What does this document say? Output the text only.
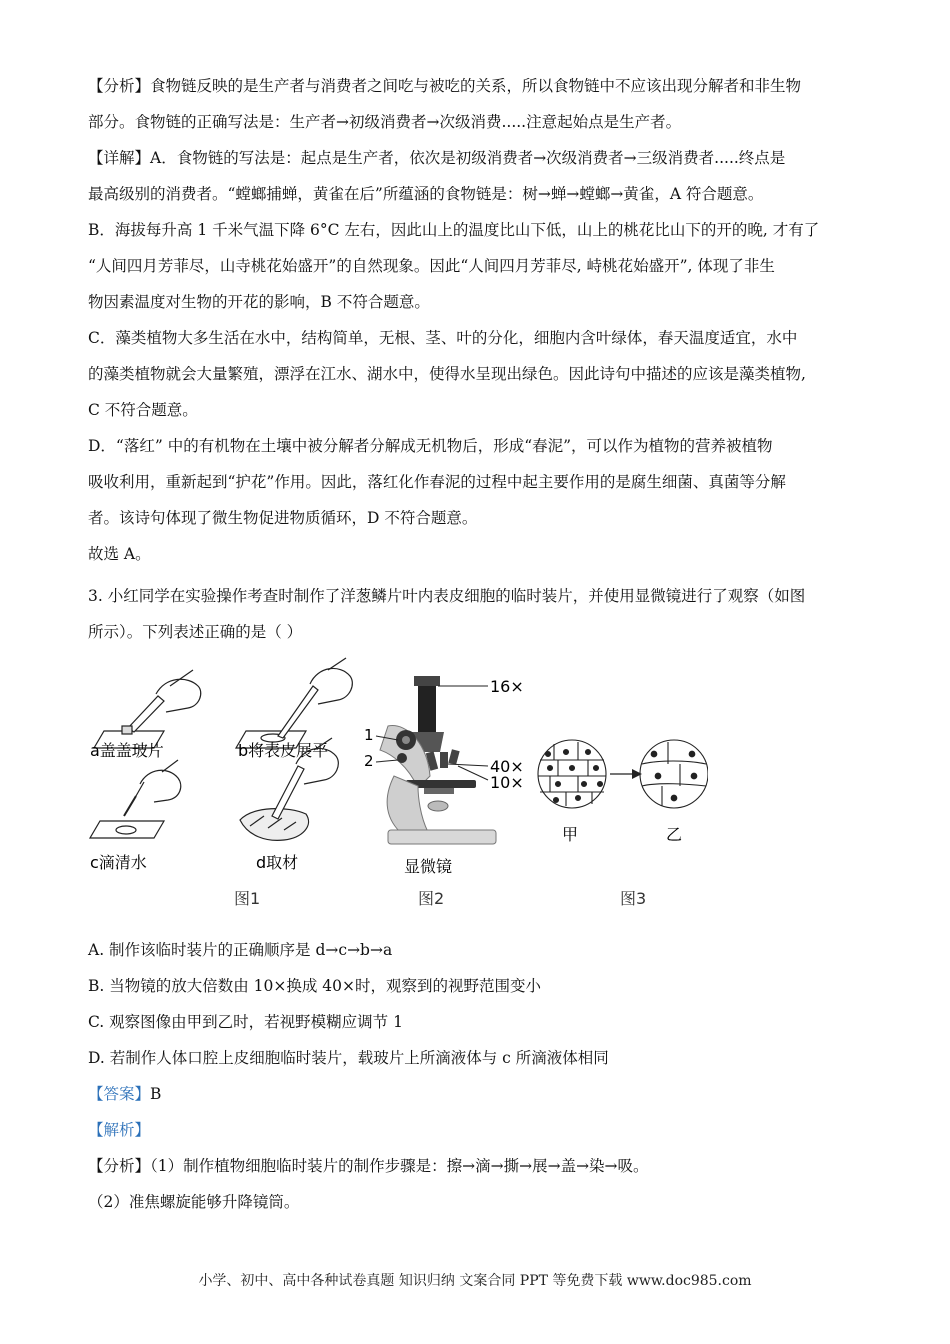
【分析】食物链反映的是生产者与消费者之间吃与被吃的关系，所以食物链中不应该出现分解者和非生物
部分。食物链的正确写法是：生产者→初级消费者→次级消费.....注意起始点是生产者。
【详解】A．食物链的写法是：起点是生产者，依次是初级消费者→次级消费者→三级消费者.....终点是
最高级别的消费者。“螳螂捕蝉，黄雀在后”所蕴涵的食物链是：树→蝉→螳螂→黄雀，A 符合题意。
B．海拔每升高 1 千米气温下降 6°C 左右，因此山上的温度比山下低，山上的桃花比山下的开的晚, 才有了
“人间四月芳菲尽，山寺桃花始盛开”的自然现象。因此“人间四月芳菲尽, 峙桃花始盛开”, 体现了非生
物因素温度对生物的开花的影响，B 不符合题意。
C．藻类植物大多生活在水中，结构简单，无根、茎、叶的分化，细胞内含叶绿体，春天温度适宜，水中
的藻类植物就会大量繁殖，漂浮在江水、湖水中，使得水呈现出绿色。因此诗句中描述的应该是藻类植物,
C 不符合题意。
D．“落红” 中的有机物在土壤中被分解者分解成无机物后，形成“春泥”，可以作为植物的营养被植物
吸收利用，重新起到“护花”作用。因此，落红化作春泥的过程中起主要作用的是腐生细菌、真菌等分解
者。该诗句体现了微生物促进物质循环，D 不符合题意。
故选 A。
3. 小红同学在实验操作考查时制作了洋葱鳞片叶内表皮细胞的临时装片，并使用显微镜进行了观察（如图
所示）。下列表述正确的是（ ）
a盖盖玻片	b将表皮展平
c滴清水	d取材
图1
显微镜
图2
16×
1
2	40×
10×
甲	乙
图3
A. 制作该临时装片的正确顺序是 d→c→b→a
B. 当物镜的放大倍数由 10×换成 40×时，观察到的视野范围变小
C. 观察图像由甲到乙时，若视野模糊应调节 1
D. 若制作人体口腔上皮细胞临时装片，载玻片上所滴液体与 c 所滴液体相同
【答案】B
【解析】
【分析】（1）制作植物细胞临时装片的制作步骤是：擦→滴→撕→展→盖→染→吸。
（2）准焦螺旋能够升降镜筒。
小学、初中、高中各种试卷真题 知识归纳 文案合同 PPT 等免费下载 www.doc985.com
